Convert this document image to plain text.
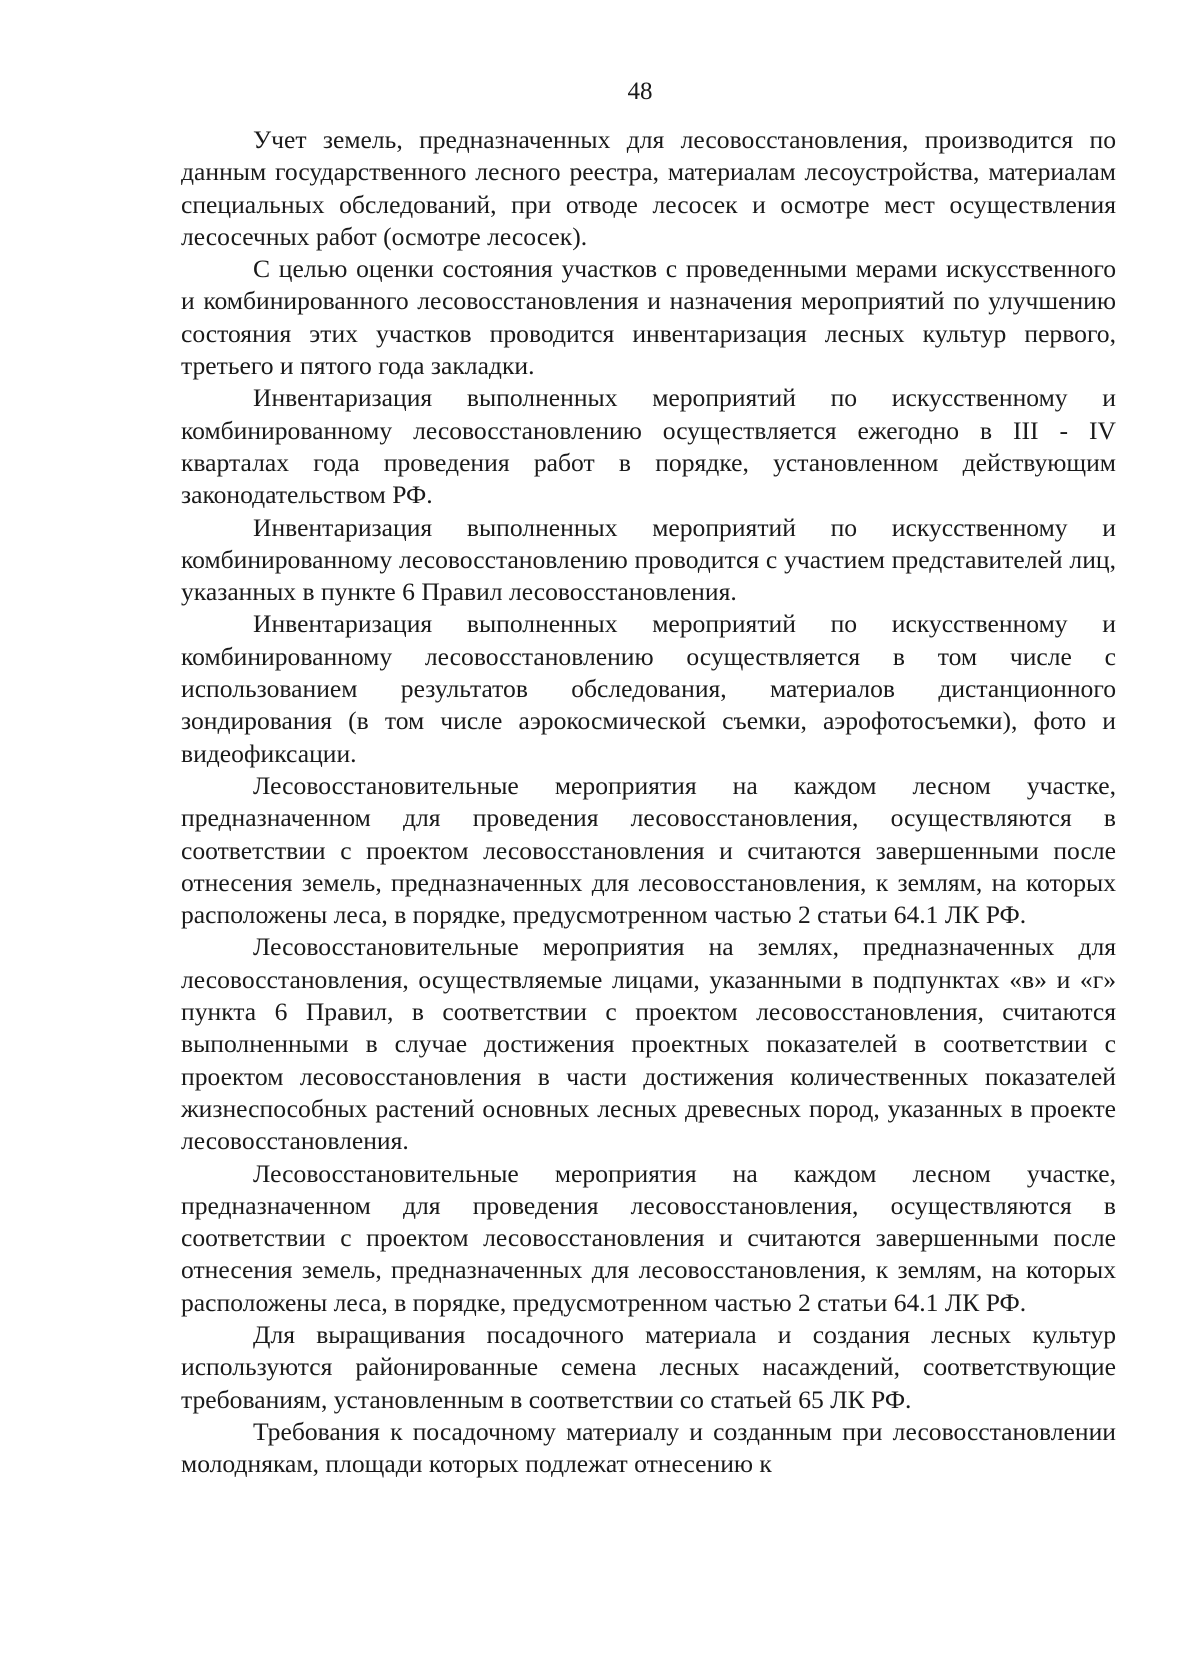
48

Учет земель, предназначенных для лесовосстановления, производится по данным государственного лесного реестра, материалам лесоустройства, материалам специальных обследований, при отводе лесосек и осмотре мест осуществления лесосечных работ (осмотре лесосек).

С целью оценки состояния участков с проведенными мерами искусственного и комбинированного лесовосстановления и назначения мероприятий по улучшению состояния этих участков проводится инвентаризация лесных культур первого, третьего и пятого года закладки.

Инвентаризация выполненных мероприятий по искусственному и комбинированному лесовосстановлению осуществляется ежегодно в III - IV кварталах года проведения работ в порядке, установленном действующим законодательством РФ.

Инвентаризация выполненных мероприятий по искусственному и комбинированному лесовосстановлению проводится с участием представителей лиц, указанных в пункте 6 Правил лесовосстановления.

Инвентаризация выполненных мероприятий по искусственному и комбинированному лесовосстановлению осуществляется в том числе с использованием результатов обследования, материалов дистанционного зондирования (в том числе аэрокосмической съемки, аэрофотосъемки), фото и видеофиксации.

Лесовосстановительные мероприятия на каждом лесном участке, предназначенном для проведения лесовосстановления, осуществляются в соответствии с проектом лесовосстановления и считаются завершенными после отнесения земель, предназначенных для лесовосстановления, к землям, на которых расположены леса, в порядке, предусмотренном частью 2 статьи 64.1 ЛК РФ.

Лесовосстановительные мероприятия на землях, предназначенных для лесовосстановления, осуществляемые лицами, указанными в подпунктах «в» и «г» пункта 6 Правил, в соответствии с проектом лесовосстановления, считаются выполненными в случае достижения проектных показателей в соответствии с проектом лесовосстановления в части достижения количественных показателей жизнеспособных растений основных лесных древесных пород, указанных в проекте лесовосстановления.

Лесовосстановительные мероприятия на каждом лесном участке, предназначенном для проведения лесовосстановления, осуществляются в соответствии с проектом лесовосстановления и считаются завершенными после отнесения земель, предназначенных для лесовосстановления, к землям, на которых расположены леса, в порядке, предусмотренном частью 2 статьи 64.1 ЛК РФ.

Для выращивания посадочного материала и создания лесных культур используются районированные семена лесных насаждений, соответствующие требованиям, установленным в соответствии со статьей 65 ЛК РФ.

Требования к посадочному материалу и созданным при лесовосстановлении молоднякам, площади которых подлежат отнесению к
